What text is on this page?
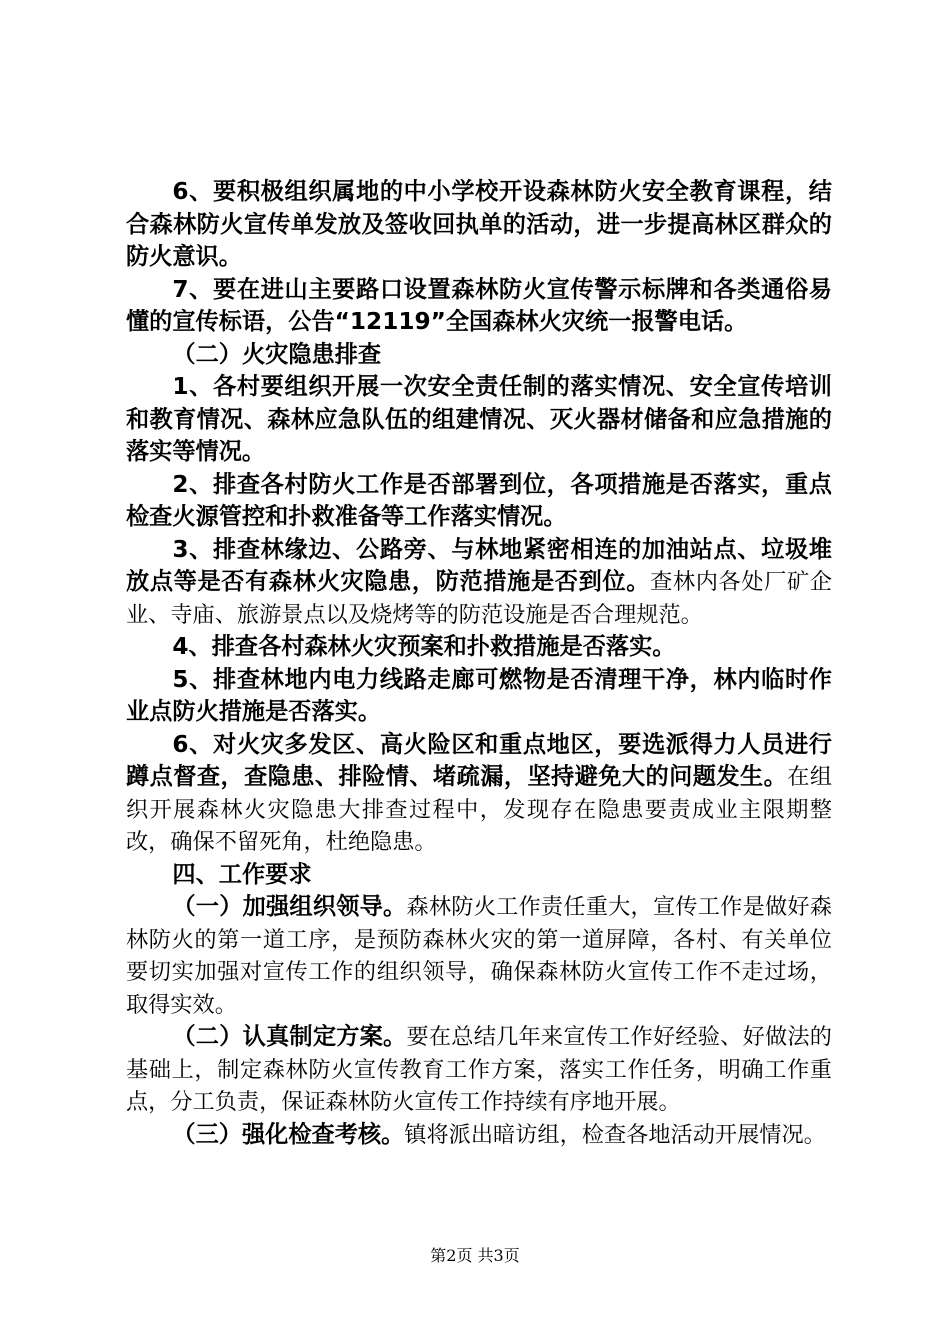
6、要积极组织属地的中小学校开设森林防火安全教育课程，结合森林防火宣传单发放及签收回执单的活动，进一步提高林区群众的防火意识。

7、要在进山主要路口设置森林防火宣传警示标牌和各类通俗易懂的宣传标语，公告“12119”全国森林火灾统一报警电话。

（二）火灾隐患排查

1、各村要组织开展一次安全责任制的落实情况、安全宣传培训和教育情况、森林应急队伍的组建情况、灭火器材储备和应急措施的落实等情况。

2、排查各村防火工作是否部署到位，各项措施是否落实，重点检查火源管控和扑救准备等工作落实情况。

3、排查林缘边、公路旁、与林地紧密相连的加油站点、垃圾堆放点等是否有森林火灾隐患，防范措施是否到位。查林内各处厂矿企业、寺庙、旅游景点以及烧烤等的防范设施是否合理规范。

4、排查各村森林火灾预案和扑救措施是否落实。

5、排查林地内电力线路走廊可燃物是否清理干净，林内临时作业点防火措施是否落实。

6、对火灾多发区、高火险区和重点地区，要选派得力人员进行蹲点督查，查隐患、排险情、堵疏漏，坚持避免大的问题发生。在组织开展森林火灾隐患大排查过程中，发现存在隐患要责成业主限期整改，确保不留死角，杜绝隐患。

四、工作要求

（一）加强组织领导。森林防火工作责任重大，宣传工作是做好森林防火的第一道工序，是预防森林火灾的第一道屏障，各村、有关单位要切实加强对宣传工作的组织领导，确保森林防火宣传工作不走过场，取得实效。

（二）认真制定方案。要在总结几年来宣传工作好经验、好做法的基础上，制定森林防火宣传教育工作方案，落实工作任务，明确工作重点，分工负责，保证森林防火宣传工作持续有序地开展。

（三）强化检查考核。镇将派出暗访组，检查各地活动开展情况。

第2页 共3页
